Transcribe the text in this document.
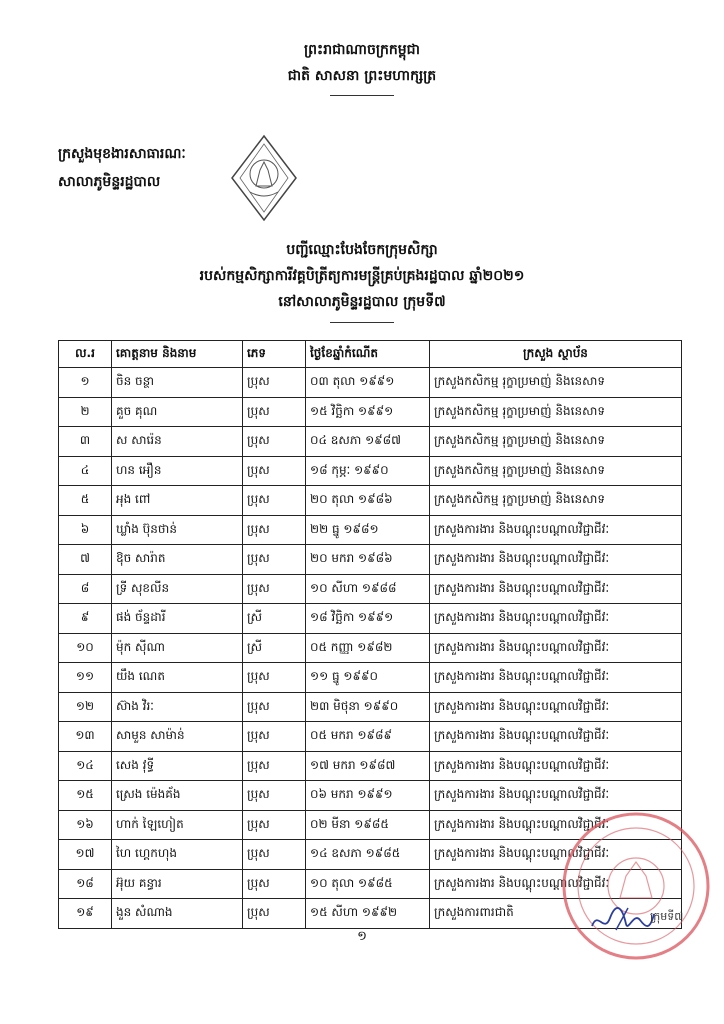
ព្រះរាជាណាចក្រកម្ពុជា
ជាតិ សាសនា ព្រះមហាក្សត្រ
ក្រសួងមុខងារសាធារណៈ
សាលាភូមិន្ទរដ្ឋបាល
បញ្ជីឈ្មោះបែងចែកក្រុមសិក្សា
របស់កម្មសិក្សាការីវគ្គបិត្រីត្យការមន្ត្រីគ្រប់គ្រងរដ្ឋបាល ឆ្នាំ២០២១
នៅសាលាភូមិន្ទរដ្ឋបាល ក្រុមទី៧
ល.រ	គោត្តនាម និងនាម	ភេទ	ថ្ងៃខែឆ្នាំកំណើត	ក្រសួង ស្ថាប័ន
១	ចិន ចន្ថា	ប្រុស	០៣ តុលា ១៩៩១	ក្រសួងកសិកម្ម រុក្ខាប្រមាញ់ និងនេសាទ
២	គួច គុណ	ប្រុស	១៥ វិច្ឆិកា ១៩៩១	ក្រសួងកសិកម្ម រុក្ខាប្រមាញ់ និងនេសាទ
៣	ស សារ៉េន	ប្រុស	០៤ ឧសភា ១៩៨៧	ក្រសួងកសិកម្ម រុក្ខាប្រមាញ់ និងនេសាទ
៤	ហន អឿន	ប្រុស	១៨ កុម្ភៈ ១៩៩០	ក្រសួងកសិកម្ម រុក្ខាប្រមាញ់ និងនេសាទ
៥	អុង ពៅ	ប្រុស	២០ តុលា ១៩៨៦	ក្រសួងកសិកម្ម រុក្ខាប្រមាញ់ និងនេសាទ
៦	ឃ្លាំង ប៊ុនថាន់	ប្រុស	២២ ធ្នូ ១៩៨១	ក្រសួងការងារ និងបណ្តុះបណ្តាលវិជ្ជាជីវៈ
៧	ឱុច សារ៉ាត	ប្រុស	២០ មករា ១៩៨៦	ក្រសួងការងារ និងបណ្តុះបណ្តាលវិជ្ជាជីវៈ
៨	ទ្រី សុខលីន	ប្រុស	១០ សីហា ១៩៨៨	ក្រសួងការងារ និងបណ្តុះបណ្តាលវិជ្ជាជីវៈ
៩	ផង់ ច័ន្ទដារី	ស្រី	១៨ វិច្ឆិកា ១៩៩១	ក្រសួងការងារ និងបណ្តុះបណ្តាលវិជ្ជាជីវៈ
១០	ម៉ុក ស៊ីណា	ស្រី	០៥ កញ្ញា ១៩៨២	ក្រសួងការងារ និងបណ្តុះបណ្តាលវិជ្ជាជីវៈ
១១	យឹង ណេត	ប្រុស	១១ ធ្នូ ១៩៩០	ក្រសួងការងារ និងបណ្តុះបណ្តាលវិជ្ជាជីវៈ
១២	ស៊ាង វិរៈ	ប្រុស	២៣ មិថុនា ១៩៩០	ក្រសួងការងារ និងបណ្តុះបណ្តាលវិជ្ជាជីវៈ
១៣	សាមួន សាម៉ាន់	ប្រុស	០៥ មករា ១៩៨៩	ក្រសួងការងារ និងបណ្តុះបណ្តាលវិជ្ជាជីវៈ
១៤	សេង វុទ្ធី	ប្រុស	១៧ មករា ១៩៨៧	ក្រសួងការងារ និងបណ្តុះបណ្តាលវិជ្ជាជីវៈ
១៥	ស្រេង ម៉េងគ័ង	ប្រុស	០៦ មករា ១៩៩១	ក្រសួងការងារ និងបណ្តុះបណ្តាលវិជ្ជាជីវៈ
១៦	ហាក់ ឡៃហៀត	ប្រុស	០២ មីនា ១៩៨៥	ក្រសួងការងារ និងបណ្តុះបណ្តាលវិជ្ជាជីវៈ
១៧	ហៃ ហ្គេកហុង	ប្រុស	១៤ ឧសភា ១៩៨៥	ក្រសួងការងារ និងបណ្តុះបណ្តាលវិជ្ជាជីវៈ
១៨	អ៊ុយ គន្ធារ	ប្រុស	១០ តុលា ១៩៨៥	ក្រសួងការងារ និងបណ្តុះបណ្តាលវិជ្ជាជីវៈ
១៩	ងួន សំណាង	ប្រុស	១៥ សីហា ១៩៩២	ក្រសួងការពារជាតិ
១
ក្រុមទី៧
